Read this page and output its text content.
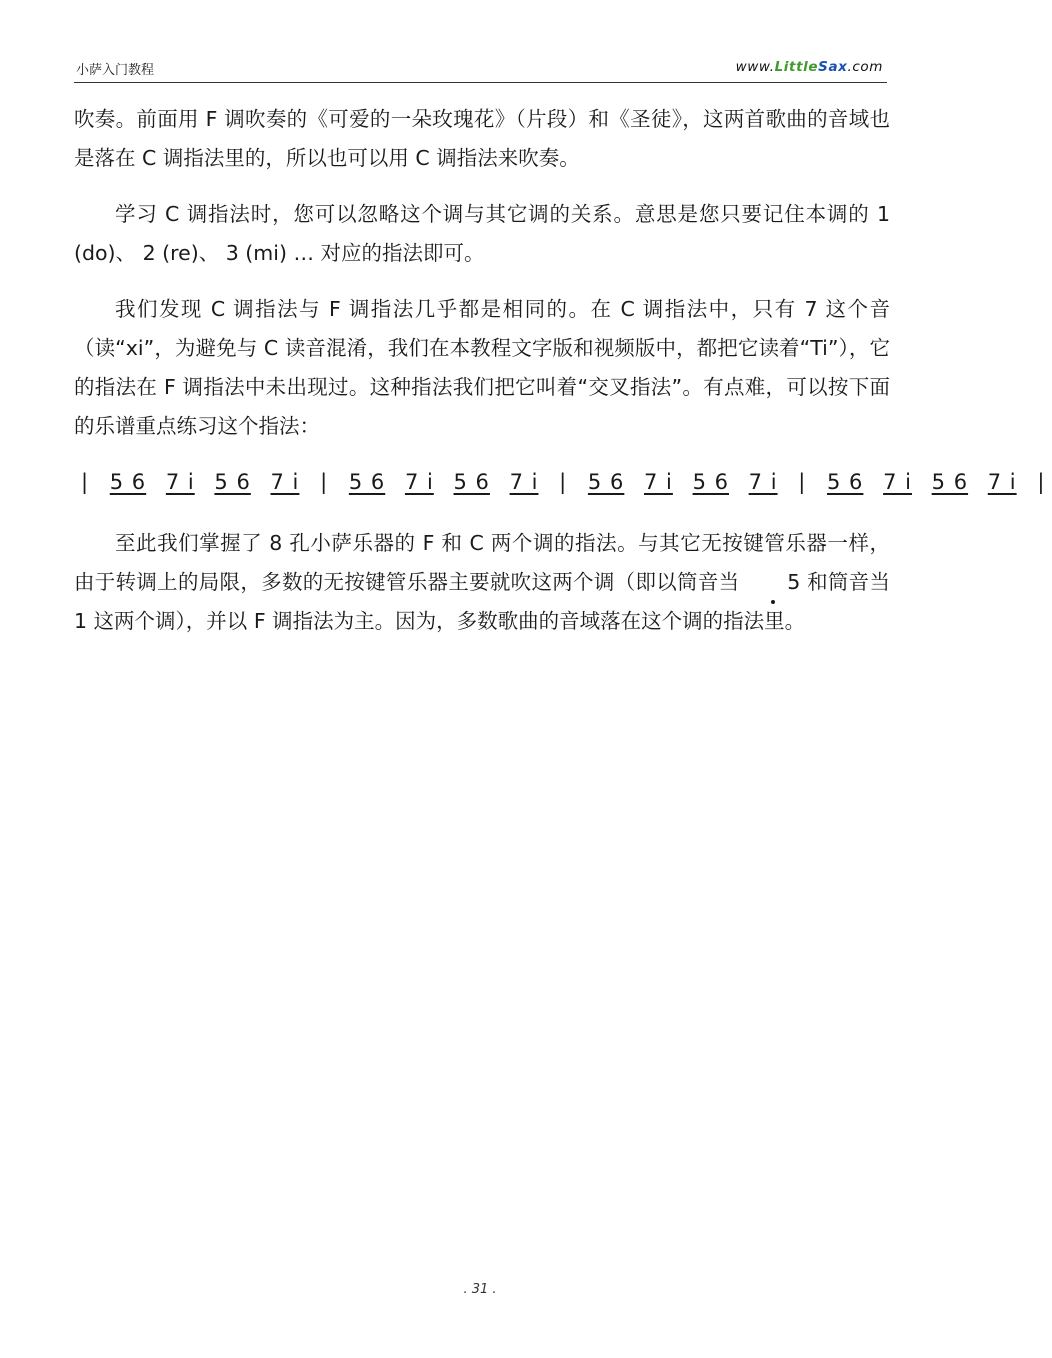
小萨入门教程	www.LittleSax.com

吹奏。前面用 F 调吹奏的《可爱的一朵玫瑰花》（片段）和《圣徒》，这两首歌曲的音域也是落在 C 调指法里的，所以也可以用 C 调指法来吹奏。

学习 C 调指法时，您可以忽略这个调与其它调的关系。意思是您只要记住本调的 1 (do)、 2 (re)、 3 (mi) … 对应的指法即可。

我们发现 C 调指法与 F 调指法几乎都是相同的。在 C 调指法中，只有 7 这个音（读“xi”，为避免与 C 读音混淆，我们在本教程文字版和视频版中，都把它读着“Ti”），它的指法在 F 调指法中未出现过。这种指法我们把它叫着“交叉指法”。有点难，可以按下面的乐谱重点练习这个指法：

| 5 6 7 i 5 6 7 i | 5 6 7 i 5 6 7 i | 5 6 7 i 5 6 7 i | 5 6 7 i 5 6 7 i |

至此我们掌握了 8 孔小萨乐器的 F 和 C 两个调的指法。与其它无按键管乐器一样，由于转调上的局限，多数的无按键管乐器主要就吹这两个调（即以筒音当 5 和筒音当 1 这两个调），并以 F 调指法为主。因为，多数歌曲的音域落在这个调的指法里。

. 31 .
